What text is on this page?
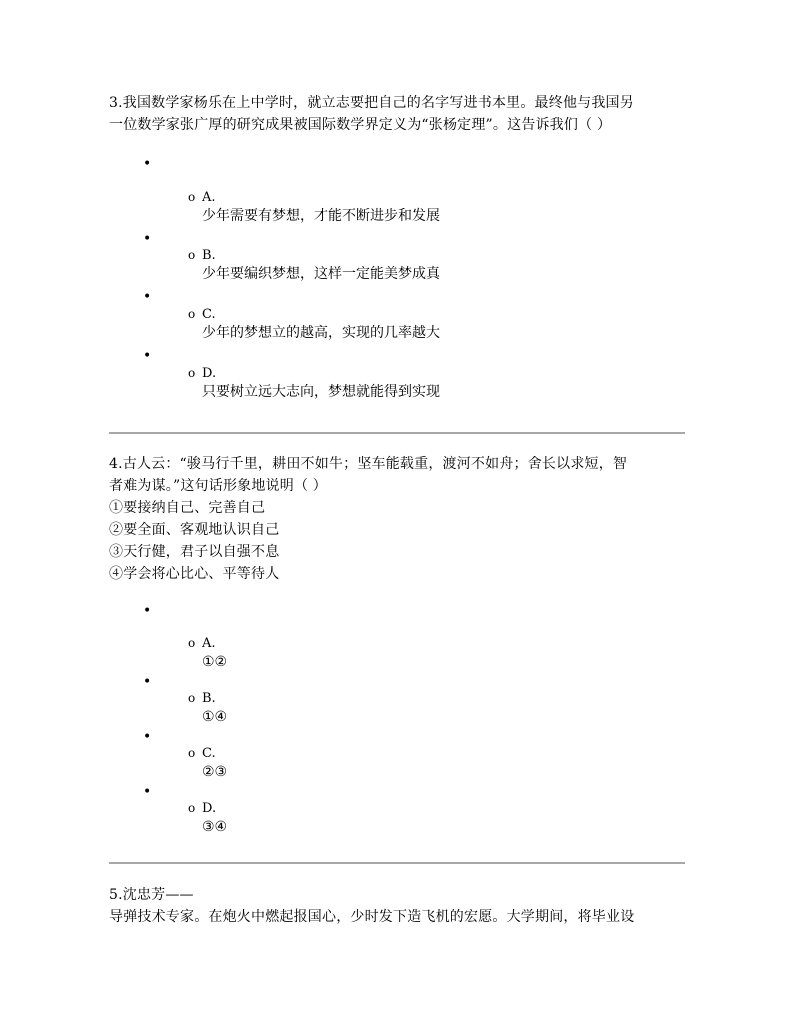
3.我国数学家杨乐在上中学时，就立志要把自己的名字写进书本里。最终他与我国另
一位数学家张广厚的研究成果被国际数学界定义为“张杨定理”。这告诉我们（ ）
•
o A.
少年需要有梦想，才能不断进步和发展
•
o B.
少年要编织梦想，这样一定能美梦成真
•
o C.
少年的梦想立的越高，实现的几率越大
•
o D.
只要树立远大志向，梦想就能得到实现
4.古人云：“骏马行千里，耕田不如牛；坚车能载重，渡河不如舟；舍长以求短，智
者难为谋。”这句话形象地说明（ ）
①要接纳自己、完善自己
②要全面、客观地认识自己
③天行健，君子以自强不息
④学会将心比心、平等待人
•
o A.
①②
•
o B.
①④
•
o C.
②③
•
o D.
③④
5.沈忠芳——
导弹技术专家。在炮火中燃起报国心，少时发下造飞机的宏愿。大学期间，将毕业设
